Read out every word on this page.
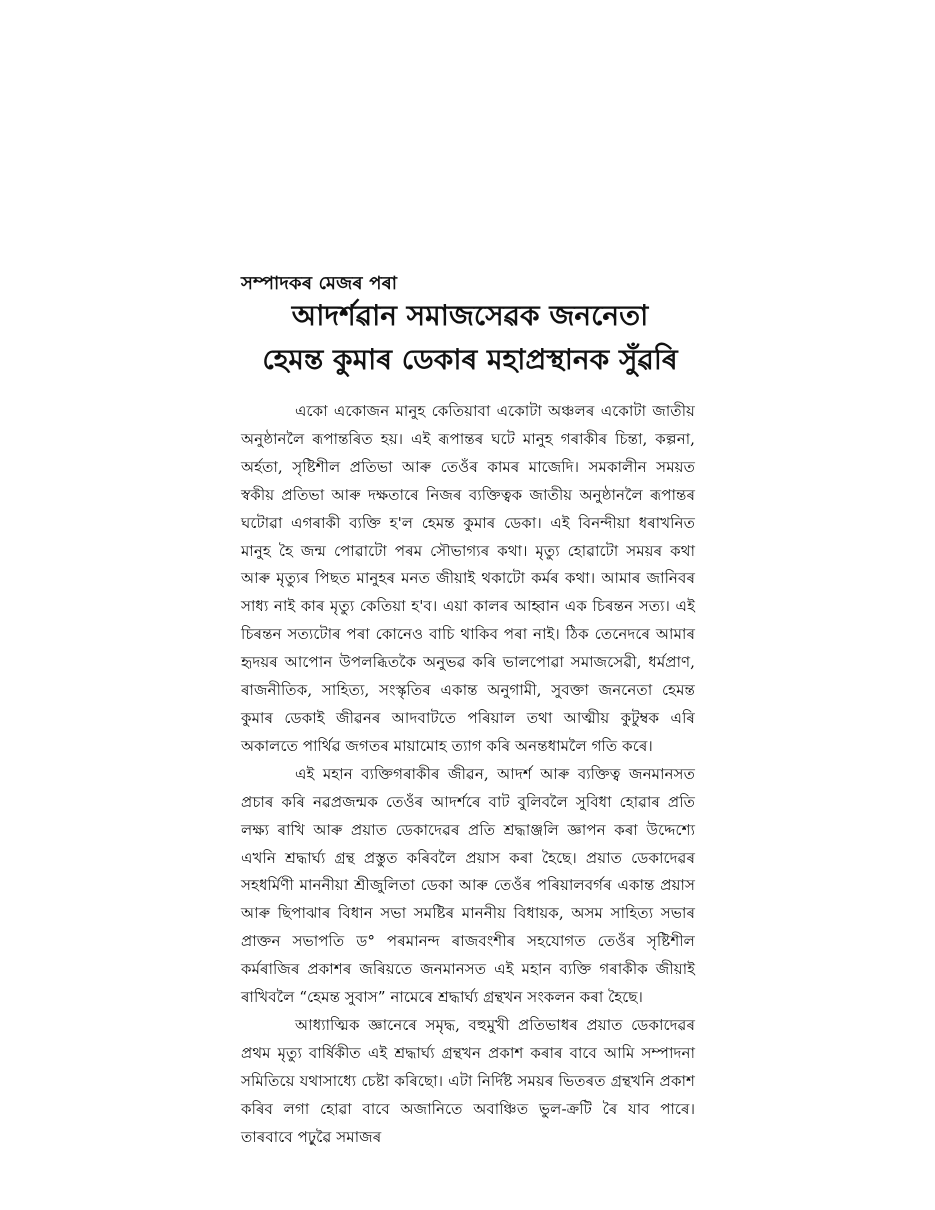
সম্পাদকৰ মেজৰ পৰা
আদৰ্শৱান সমাজসেৱক জননেতা
হেমন্ত কুমাৰ ডেকাৰ মহাপ্ৰস্থানক সুঁৱৰি

একো একোজন মানুহ কেতিয়াবা একোটা অঞ্চলৰ একোটা জাতীয় অনুষ্ঠানলৈ ৰূপান্তৰিত হয়। এই ৰূপান্তৰ ঘটে মানুহ গৰাকীৰ চিন্তা, কল্পনা, অৰ্হতা, সৃষ্টিশীল প্ৰতিভা আৰু তেওঁৰ কামৰ মাজেদি। সমকালীন সময়ত স্বকীয় প্ৰতিভা আৰু দক্ষতাৰে নিজৰ ব্যক্তিত্বক জাতীয় অনুষ্ঠানলৈ ৰূপান্তৰ ঘটোৱা এগৰাকী ব্যক্তি হ'ল হেমন্ত কুমাৰ ডেকা। এই বিনন্দীয়া ধৰাখনিত মানুহ হৈ জন্ম পোৱাটো পৰম সৌভাগ্যৰ কথা। মৃত্যু হোৱাটো সময়ৰ কথা আৰু মৃত্যুৰ পিছত মানুহৰ মনত জীয়াই থকাটো কৰ্মৰ কথা। আমাৰ জানিবৰ সাধ্য নাই কাৰ মৃত্যু কেতিয়া হ'ব। এয়া কালৰ আহ্বান এক চিৰন্তন সত্য। এই চিৰন্তন সত্যটোৰ পৰা কোনেও বাচি থাকিব পৰা নাই। ঠিক তেনেদৰে আমাৰ হৃদয়ৰ আপোন উপলব্ধিতকৈ অনুভৱ কৰি ভালপোৱা সমাজসেৱী, ধৰ্মপ্ৰাণ, ৰাজনীতিক, সাহিত্য, সংস্কৃতিৰ একান্ত অনুগামী, সুবক্তা জননেতা হেমন্ত কুমাৰ ডেকাই জীৱনৰ আদবাটতে পৰিয়াল তথা আত্মীয় কুটুম্বক এৰি অকালতে পাৰ্থিৱ জগতৰ মায়ামোহ ত্যাগ কৰি অনন্তধামলৈ গতি কৰে।

এই মহান ব্যক্তিগৰাকীৰ জীৱন, আদৰ্শ আৰু ব্যক্তিত্ব জনমানসত প্ৰচাৰ কৰি নৱপ্ৰজন্মক তেওঁৰ আদৰ্শৰে বাট বুলিবলৈ সুবিধা হোৱাৰ প্ৰতি লক্ষ্য ৰাখি আৰু প্ৰয়াত ডেকাদেৱৰ প্ৰতি শ্ৰদ্ধাঞ্জলি জ্ঞাপন কৰা উদ্দেশ্যে এখনি শ্ৰদ্ধাৰ্ঘ্য গ্ৰন্থ প্ৰস্তুত কৰিবলৈ প্ৰয়াস কৰা হৈছে। প্ৰয়াত ডেকাদেৱৰ সহধৰ্মিণী মাননীয়া শ্ৰীজুলিতা ডেকা আৰু তেওঁৰ পৰিয়ালবৰ্গৰ একান্ত প্ৰয়াস আৰু ছিপাঝাৰ বিধান সভা সমষ্টিৰ মাননীয় বিধায়ক, অসম সাহিত্য সভাৰ প্ৰাক্তন সভাপতি ড° পৰমানন্দ ৰাজবংশীৰ সহযোগত তেওঁৰ সৃষ্টিশীল কৰ্মৰাজিৰ প্ৰকাশৰ জৰিয়তে জনমানসত এই মহান ব্যক্তি গৰাকীক জীয়াই ৰাখিবলৈ “হেমন্ত সুবাস” নামেৰে শ্ৰদ্ধাৰ্ঘ্য গ্ৰন্থখন সংকলন কৰা হৈছে।

আধ্যাত্মিক জ্ঞানেৰে সমৃদ্ধ, বহুমুখী প্ৰতিভাধৰ প্ৰয়াত ডেকাদেৱৰ প্ৰথম মৃত্যু বাৰ্ষিকীত এই শ্ৰদ্ধাৰ্ঘ্য গ্ৰন্থখন প্ৰকাশ কৰাৰ বাবে আমি সম্পাদনা সমিতিয়ে যথাসাধ্যে চেষ্টা কৰিছো। এটা নিৰ্দিষ্ট সময়ৰ ভিতৰত গ্ৰন্থখনি প্ৰকাশ কৰিব লগা হোৱা বাবে অজানিতে অবাঞ্চিত ভুল-ক্ৰটি ৰৈ যাব পাৰে। তাৰবাবে পঢ়ুৱৈ সমাজৰ
